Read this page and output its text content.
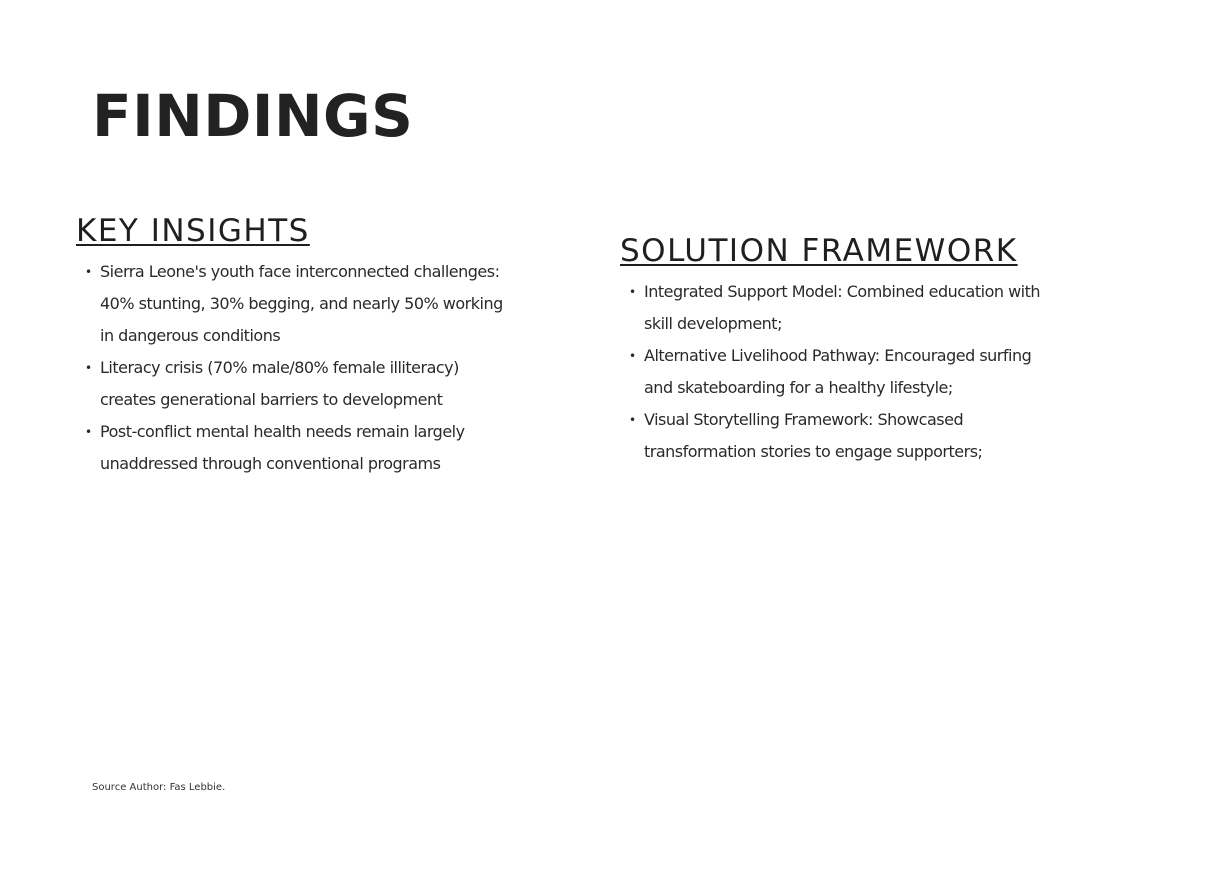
FINDINGS
KEY INSIGHTS
• Sierra Leone's youth face interconnected challenges: 40% stunting, 30% begging, and nearly 50% working in dangerous conditions
• Literacy crisis (70% male/80% female illiteracy) creates generational barriers to development
• Post-conflict mental health needs remain largely unaddressed through conventional programs
SOLUTION FRAMEWORK
• Integrated Support Model: Combined education with skill development;
• Alternative Livelihood Pathway: Encouraged surfing and skateboarding for a healthy lifestyle;
• Visual Storytelling Framework: Showcased transformation stories to engage supporters;
Source Author: Fas Lebbie.
